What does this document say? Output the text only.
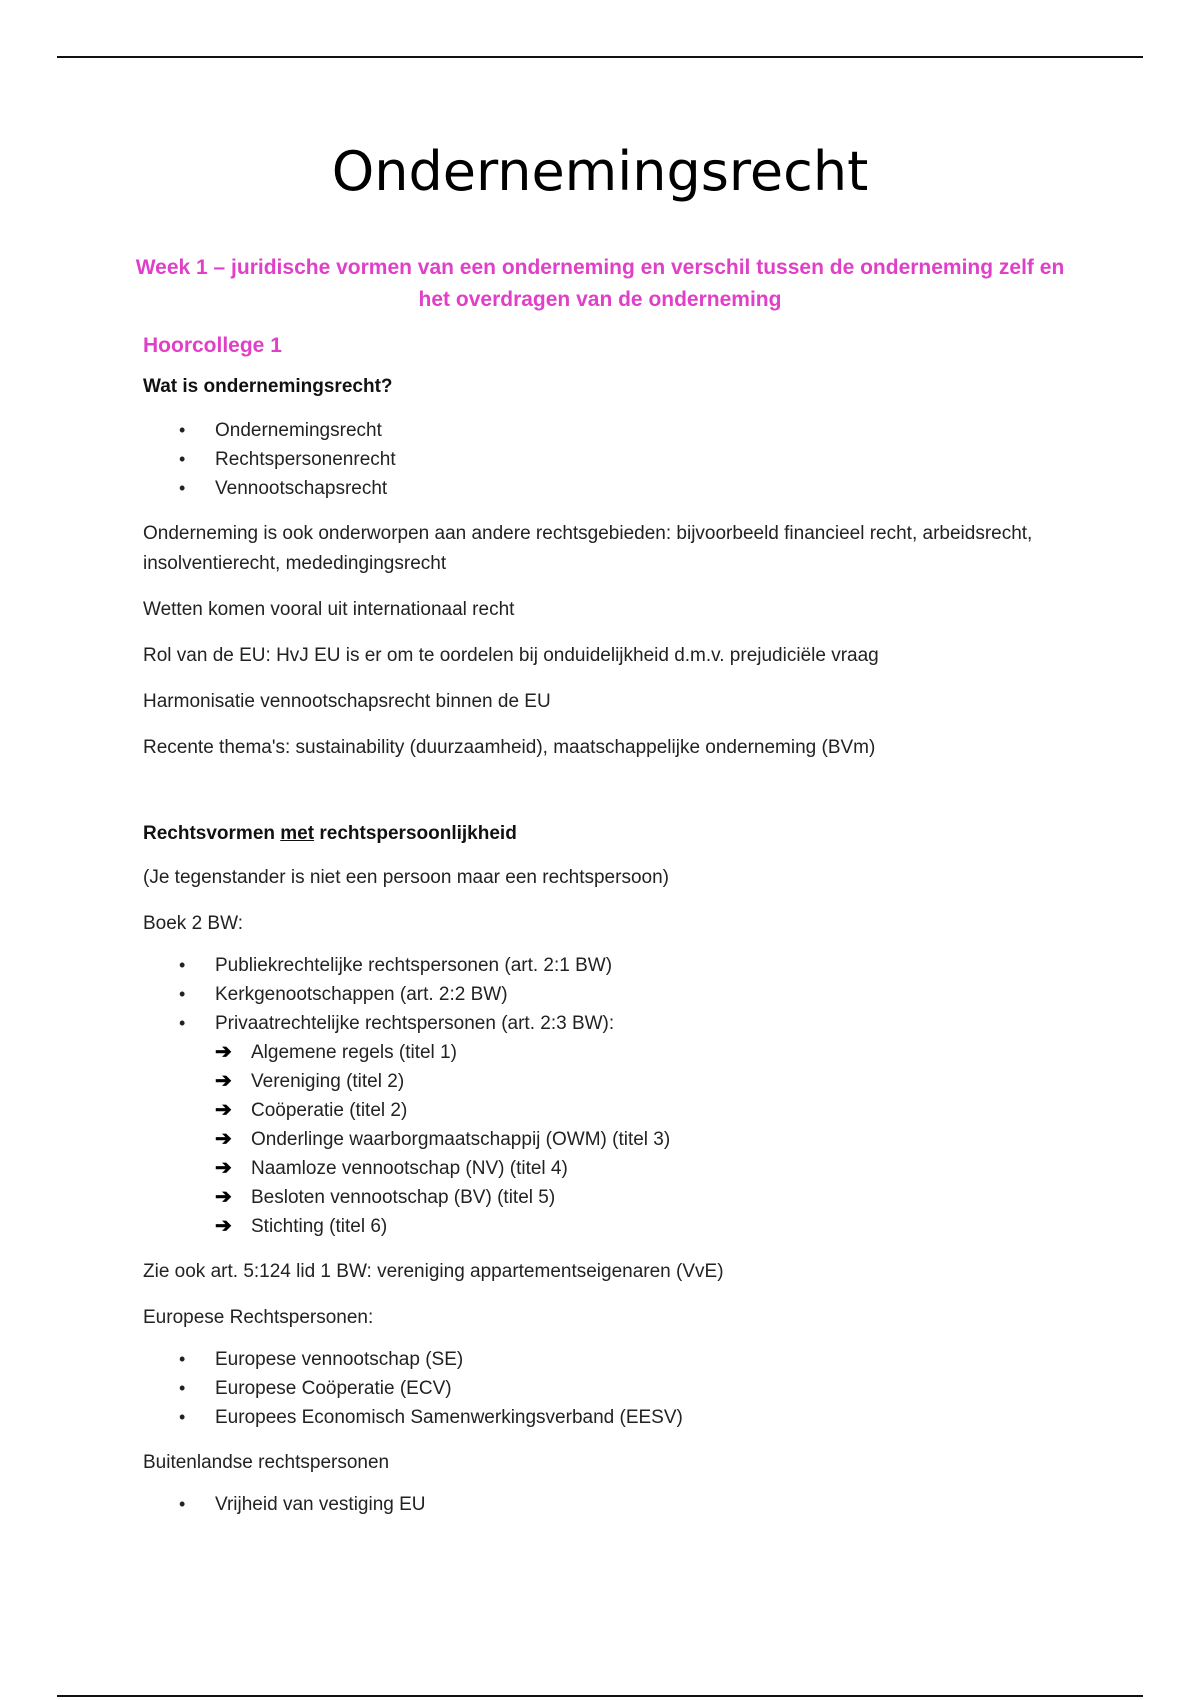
Ondernemingsrecht

Week 1 – juridische vormen van een onderneming en verschil tussen de onderneming zelf en het overdragen van de onderneming

Hoorcollege 1
Wat is ondernemingsrecht?
• Ondernemingsrecht
• Rechtspersonenrecht
• Vennootschapsrecht

Onderneming is ook onderworpen aan andere rechtsgebieden: bijvoorbeeld financieel recht, arbeidsrecht, insolventierecht, mededingingsrecht

Wetten komen vooral uit internationaal recht

Rol van de EU: HvJ EU is er om te oordelen bij onduidelijkheid d.m.v. prejudiciële vraag

Harmonisatie vennootschapsrecht binnen de EU

Recente thema's: sustainability (duurzaamheid), maatschappelijke onderneming (BVm)

Rechtsvormen met rechtspersoonlijkheid

(Je tegenstander is niet een persoon maar een rechtspersoon)

Boek 2 BW:

• Publiekrechtelijke rechtspersonen (art. 2:1 BW)
• Kerkgenootschappen (art. 2:2 BW)
• Privaatrechtelijke rechtspersonen (art. 2:3 BW):
➔ Algemene regels (titel 1)
➔ Vereniging (titel 2)
➔ Coöperatie (titel 2)
➔ Onderlinge waarborgmaatschappij (OWM) (titel 3)
➔ Naamloze vennootschap (NV) (titel 4)
➔ Besloten vennootschap (BV) (titel 5)
➔ Stichting (titel 6)

Zie ook art. 5:124 lid 1 BW: vereniging appartementseigenaren (VvE)

Europese Rechtspersonen:

• Europese vennootschap (SE)
• Europese Coöperatie (ECV)
• Europees Economisch Samenwerkingsverband (EESV)

Buitenlandse rechtspersonen

• Vrijheid van vestiging EU
